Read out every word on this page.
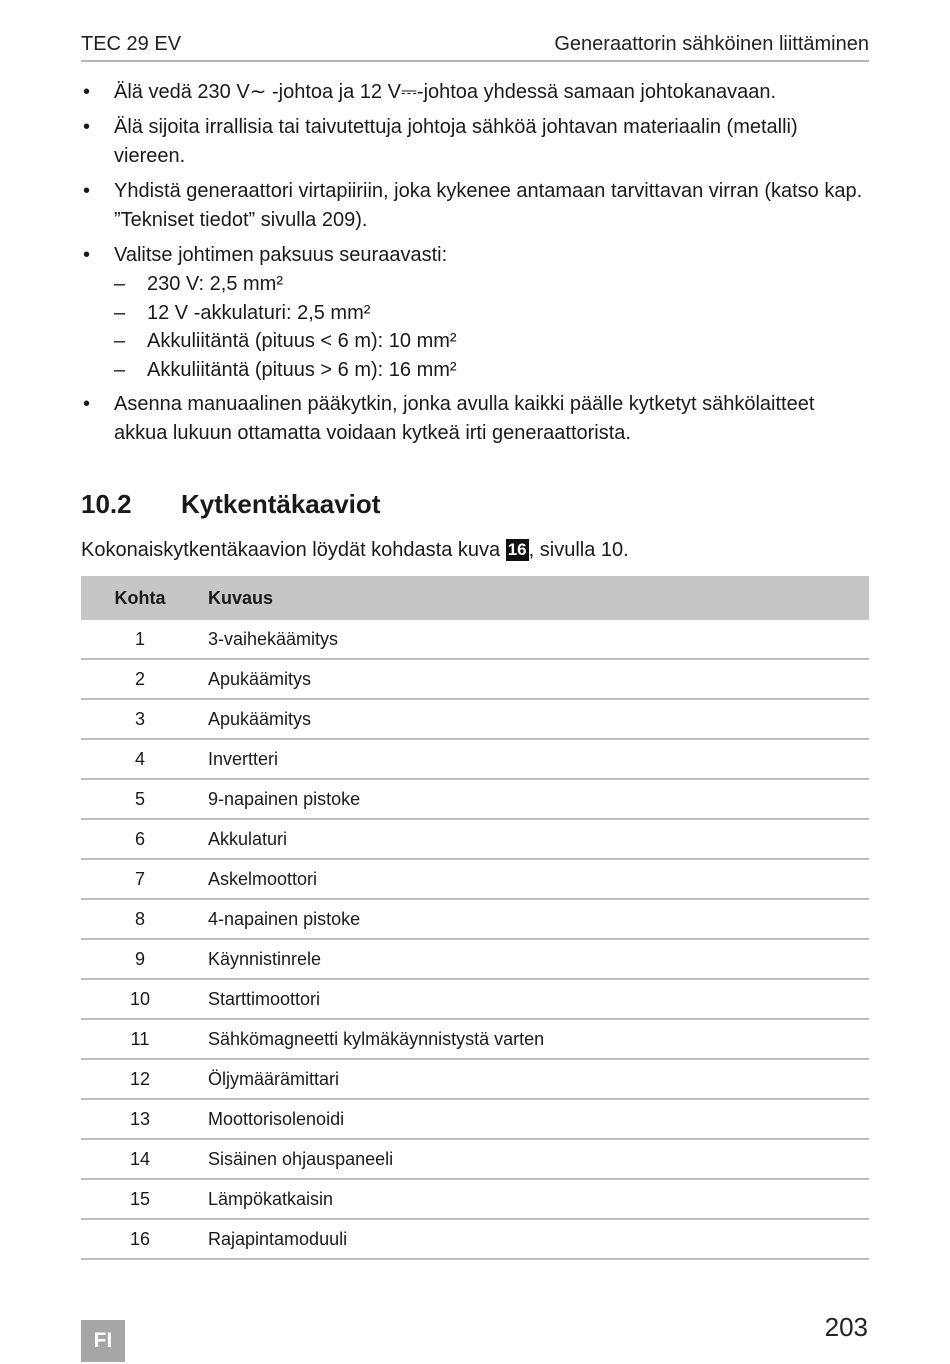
TEC 29 EV	Generaattorin sähköinen liittäminen
• Älä vedä 230 V∼ -johtoa ja 12 V⎓-johtoa yhdessä samaan johtokanavaan.
• Älä sijoita irrallisia tai taivutettuja johtoja sähköä johtavan materiaalin (metalli) viereen.
• Yhdistä generaattori virtapiiriin, joka kykenee antamaan tarvittavan virran (katso kap. ”Tekniset tiedot” sivulla 209).
• Valitse johtimen paksuus seuraavasti:
– 230 V: 2,5 mm²
– 12 V -akkulaturi: 2,5 mm²
– Akkuliitäntä (pituus < 6 m): 10 mm²
– Akkuliitäntä (pituus > 6 m): 16 mm²
• Asenna manuaalinen pääkytkin, jonka avulla kaikki päälle kytketyt sähkölaitteet akkua lukuun ottamatta voidaan kytkeä irti generaattorista.
10.2 Kytkentäkaaviot
Kokonaiskytkentäkaavion löydät kohdasta kuva 16 , sivulla 10.
Kohta	Kuvaus
1	3-vaihekäämitys
2	Apukäämitys
3	Apukäämitys
4	Invertteri
5	9-napainen pistoke
6	Akkulaturi
7	Askelmoottori
8	4-napainen pistoke
9	Käynnistinrele
10	Starttimoottori
11	Sähkömagneetti kylmäkäynnistystä varten
12	Öljymäärämittari
13	Moottorisolenoidi
14	Sisäinen ohjauspaneeli
15	Lämpökatkaisin
16	Rajapintamoduuli
203
FI
